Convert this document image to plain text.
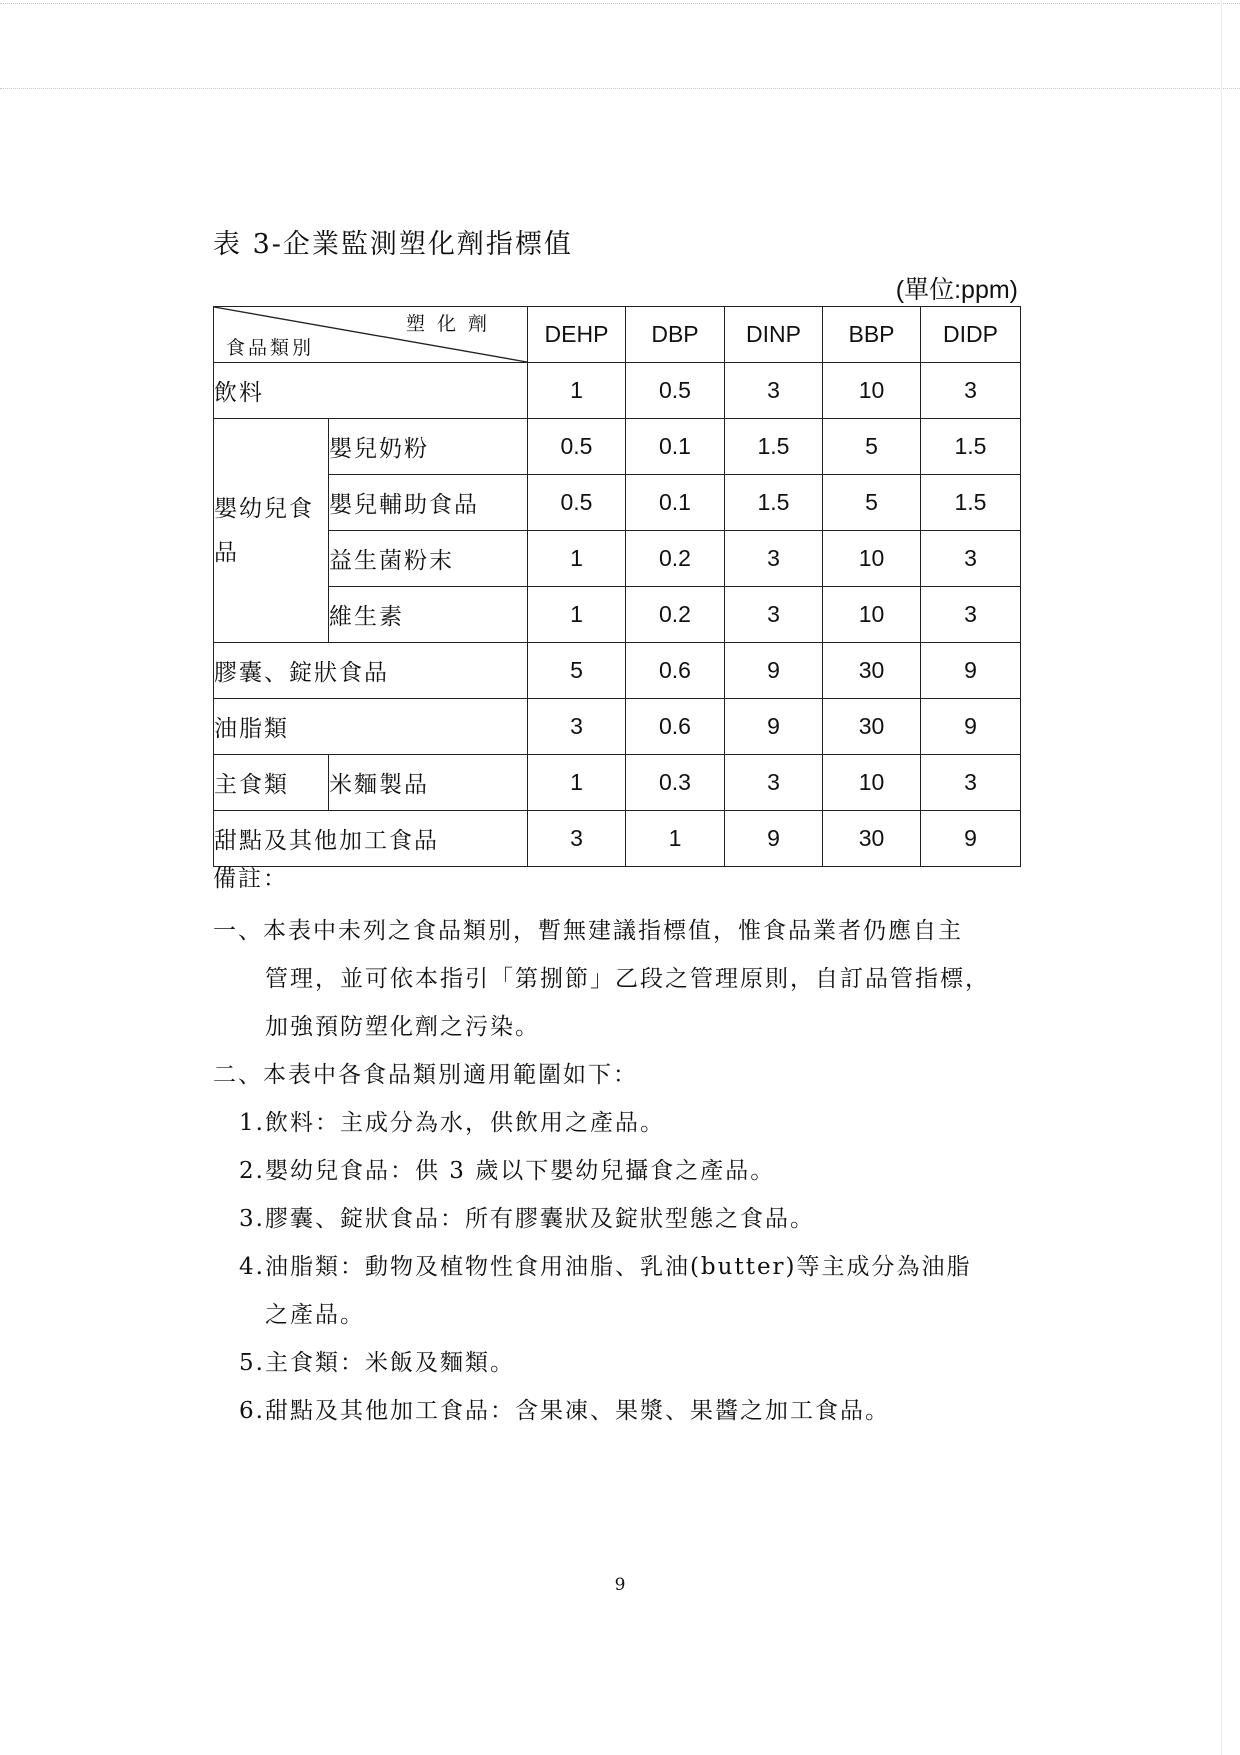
表 3-企業監測塑化劑指標值
(單位:ppm)
塑化劑
食品類別		DEHP	DBP	DINP	BBP	DIDP
飲料		1	0.5	3	10	3
嬰幼兒食品	嬰兒奶粉	0.5	0.1	1.5	5	1.5
	嬰兒輔助食品	0.5	0.1	1.5	5	1.5
	益生菌粉末	1	0.2	3	10	3
	維生素	1	0.2	3	10	3
膠囊、錠狀食品		5	0.6	9	30	9
油脂類		3	0.6	9	30	9
主食類	米麵製品	1	0.3	3	10	3
甜點及其他加工食品		3	1	9	30	9

備註：

一、本表中未列之食品類別，暫無建議指標值，惟食品業者仍應自主

管理，並可依本指引「第捌節」乙段之管理原則，自訂品管指標，

加強預防塑化劑之污染。

二、本表中各食品類別適用範圍如下：

1.飲料：主成分為水，供飲用之產品。

2.嬰幼兒食品：供 3 歲以下嬰幼兒攝食之產品。

3.膠囊、錠狀食品：所有膠囊狀及錠狀型態之食品。

4.油脂類：動物及植物性食用油脂、乳油(butter)等主成分為油脂

之產品。

5.主食類：米飯及麵類。

6.甜點及其他加工食品：含果凍、果漿、果醬之加工食品。

9
